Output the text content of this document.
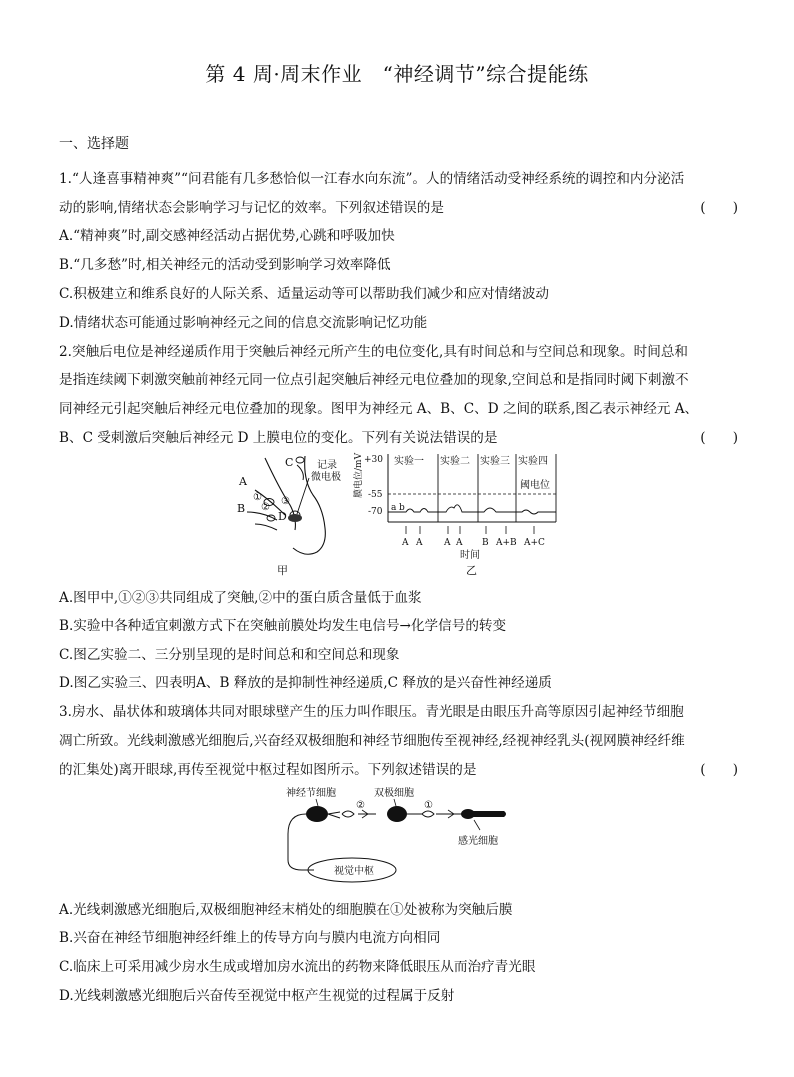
第 4 周·周末作业　“神经调节”综合提能练
一、选择题
1.“人逢喜事精神爽”“问君能有几多愁恰似一江春水向东流”。人的情绪活动受神经系统的调控和内分泌活
动的影响,情绪状态会影响学习与记忆的效率。下列叙述错误的是	(　　)
A.“精神爽”时,副交感神经活动占据优势,心跳和呼吸加快
B.“几多愁”时,相关神经元的活动受到影响学习效率降低
C.积极建立和维系良好的人际关系、适量运动等可以帮助我们减少和应对情绪波动
D.情绪状态可能通过影响神经元之间的信息交流影响记忆功能
2.突触后电位是神经递质作用于突触后神经元所产生的电位变化,具有时间总和与空间总和现象。时间总和
是指连续阈下刺激突触前神经元同一位点引起突触后神经元电位叠加的现象,空间总和是指同时阈下刺激不
同神经元引起突触后神经元电位叠加的现象。图甲为神经元 A、B、C、D 之间的联系,图乙表示神经元 A、
B、C 受刺激后突触后神经元 D 上膜电位的变化。下列有关说法错误的是	(　　)
C
A
B
D
①
②
③
记录
微电极
甲
膜电位/mV +30
-55
-70
实验一 实验二 实验三 实验四
阈电位
a b
A A A A B A+B A+C
时间
乙
A.图甲中,①②③共同组成了突触,②中的蛋白质含量低于血浆
B.实验中各种适宜刺激方式下在突触前膜处均发生电信号→化学信号的转变
C.图乙实验二、三分别呈现的是时间总和和空间总和现象
D.图乙实验三、四表明A、B 释放的是抑制性神经递质,C 释放的是兴奋性神经递质
3.房水、晶状体和玻璃体共同对眼球壁产生的压力叫作眼压。青光眼是由眼压升高等原因引起神经节细胞
凋亡所致。光线刺激感光细胞后,兴奋经双极细胞和神经节细胞传至视神经,经视神经乳头(视网膜神经纤维
的汇集处)离开眼球,再传至视觉中枢过程如图所示。下列叙述错误的是	(　　)
神经节细胞	双极细胞
②	①
感光细胞
视觉中枢
A.光线刺激感光细胞后,双极细胞神经末梢处的细胞膜在①处被称为突触后膜
B.兴奋在神经节细胞神经纤维上的传导方向与膜内电流方向相同
C.临床上可采用减少房水生成或增加房水流出的药物来降低眼压从而治疗青光眼
D.光线刺激感光细胞后兴奋传至视觉中枢产生视觉的过程属于反射
